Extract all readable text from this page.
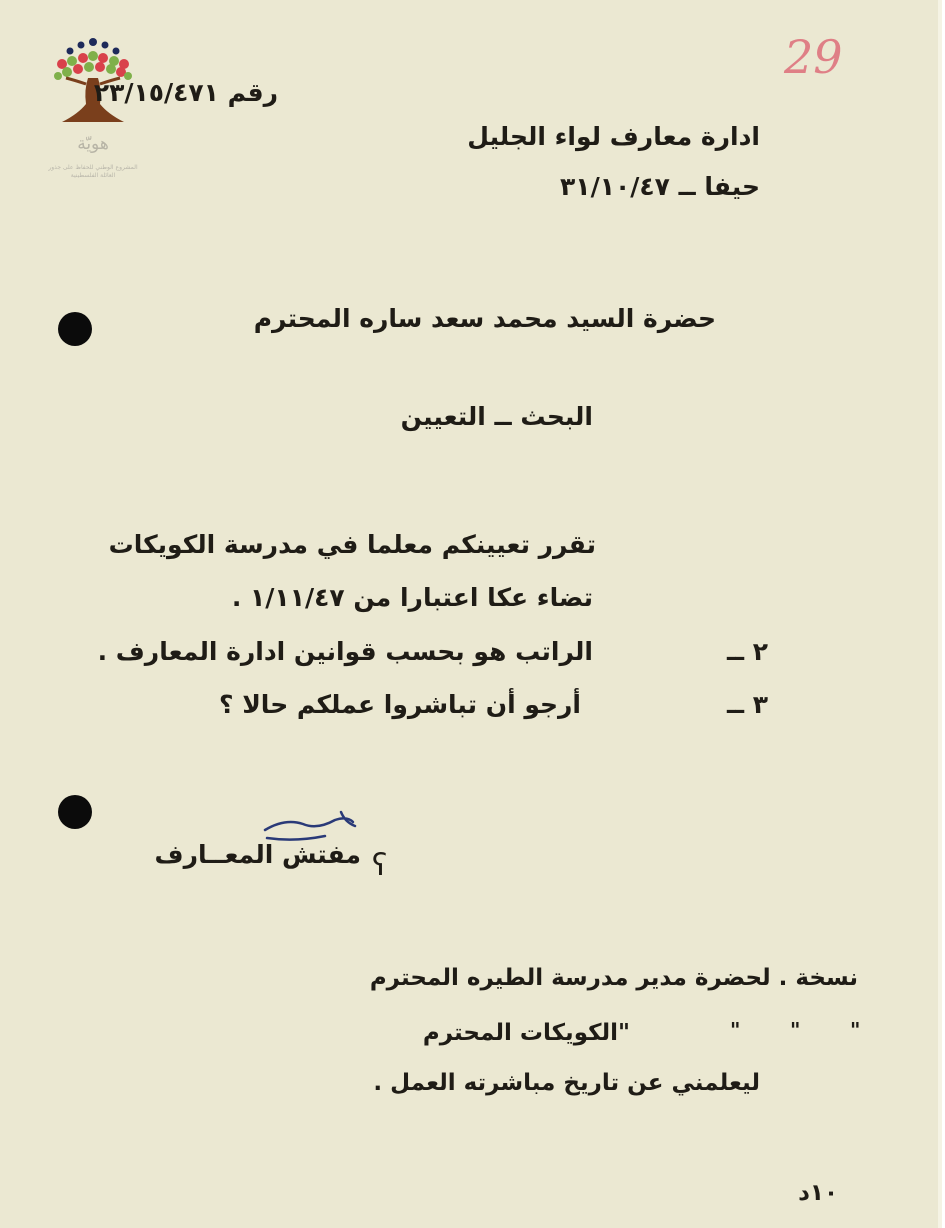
هويّة
المشروع الوطني للحفاظ على جذور العائلة الفلسطينية
29
رقم ٢٣/١٥/٤٧١
ادارة معارف لواء الجليل
حيفا ــ ٣١/١٠/٤٧
حضرة السيد محمد سعد ساره المحترم
البحث ــ التعيين
تقرر تعيينكم معلما في مدرسة الكويكات
تضاء عكا اعتبارا من ١/١١/٤٧ .
٢ ــ
الراتب هو بحسب قوانين ادارة المعارف .
٣ ــ
أرجو أن تباشروا عملكم حالا ؟
ʕ
مفتش المعــارف
نسخة . لحضرة مدير مدرسة الطيره المحترم
"
"
"
"الكويكات المحترم
ليعلمني عن تاريخ مباشرته العمل .
١٠د
